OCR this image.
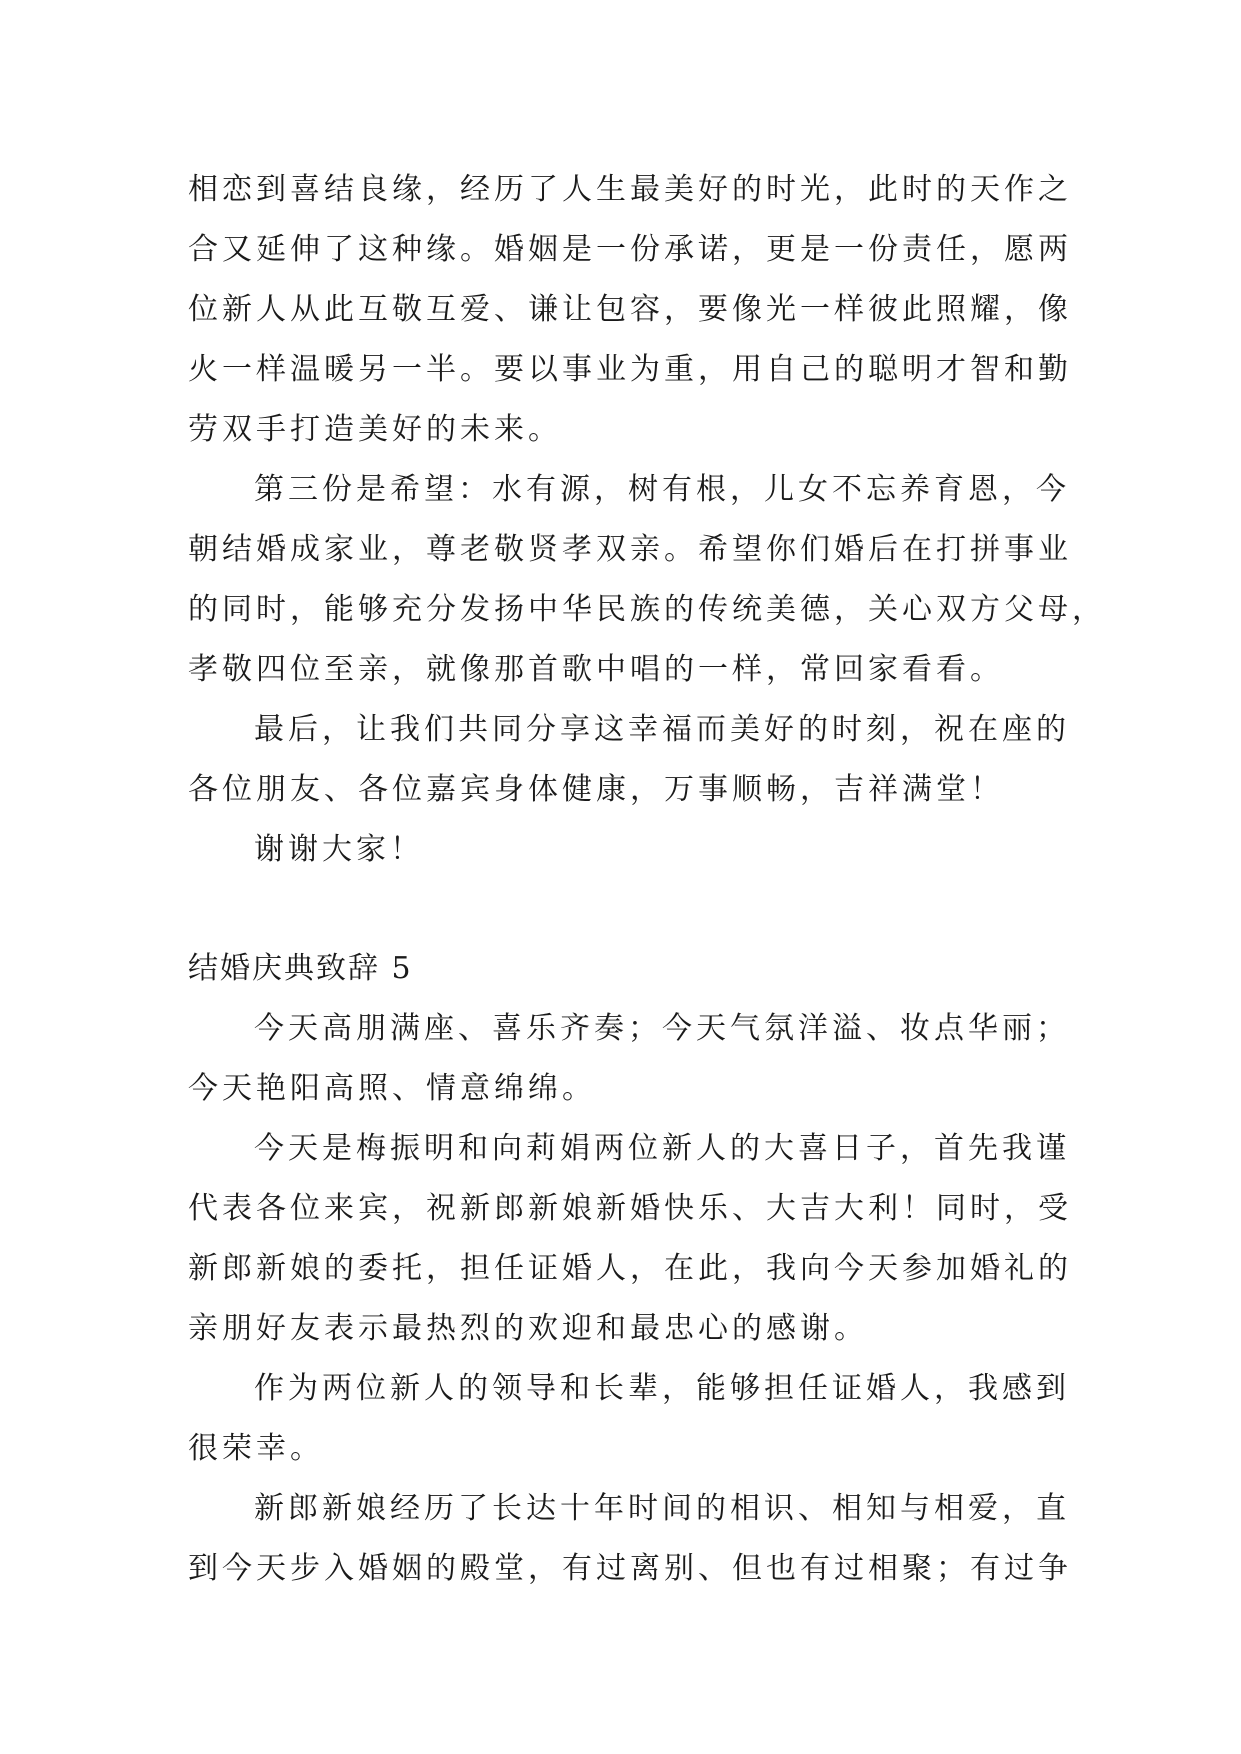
相恋到喜结良缘，经历了人生最美好的时光，此时的天作之
合又延伸了这种缘。婚姻是一份承诺，更是一份责任，愿两
位新人从此互敬互爱、谦让包容，要像光一样彼此照耀，像
火一样温暖另一半。要以事业为重，用自己的聪明才智和勤
劳双手打造美好的未来。
第三份是希望：水有源，树有根，儿女不忘养育恩，今
朝结婚成家业，尊老敬贤孝双亲。希望你们婚后在打拼事业
的同时，能够充分发扬中华民族的传统美德，关心双方父母，
孝敬四位至亲，就像那首歌中唱的一样，常回家看看。
最后，让我们共同分享这幸福而美好的时刻，祝在座的
各位朋友、各位嘉宾身体健康，万事顺畅，吉祥满堂！
谢谢大家！
结婚庆典致辞 5
今天高朋满座、喜乐齐奏；今天气氛洋溢、妆点华丽；
今天艳阳高照、情意绵绵。
今天是梅振明和向莉娟两位新人的大喜日子，首先我谨
代表各位来宾，祝新郎新娘新婚快乐、大吉大利！同时，受
新郎新娘的委托，担任证婚人，在此，我向今天参加婚礼的
亲朋好友表示最热烈的欢迎和最忠心的感谢。
作为两位新人的领导和长辈，能够担任证婚人，我感到
很荣幸。
新郎新娘经历了长达十年时间的相识、相知与相爱，直
到今天步入婚姻的殿堂，有过离别、但也有过相聚；有过争
